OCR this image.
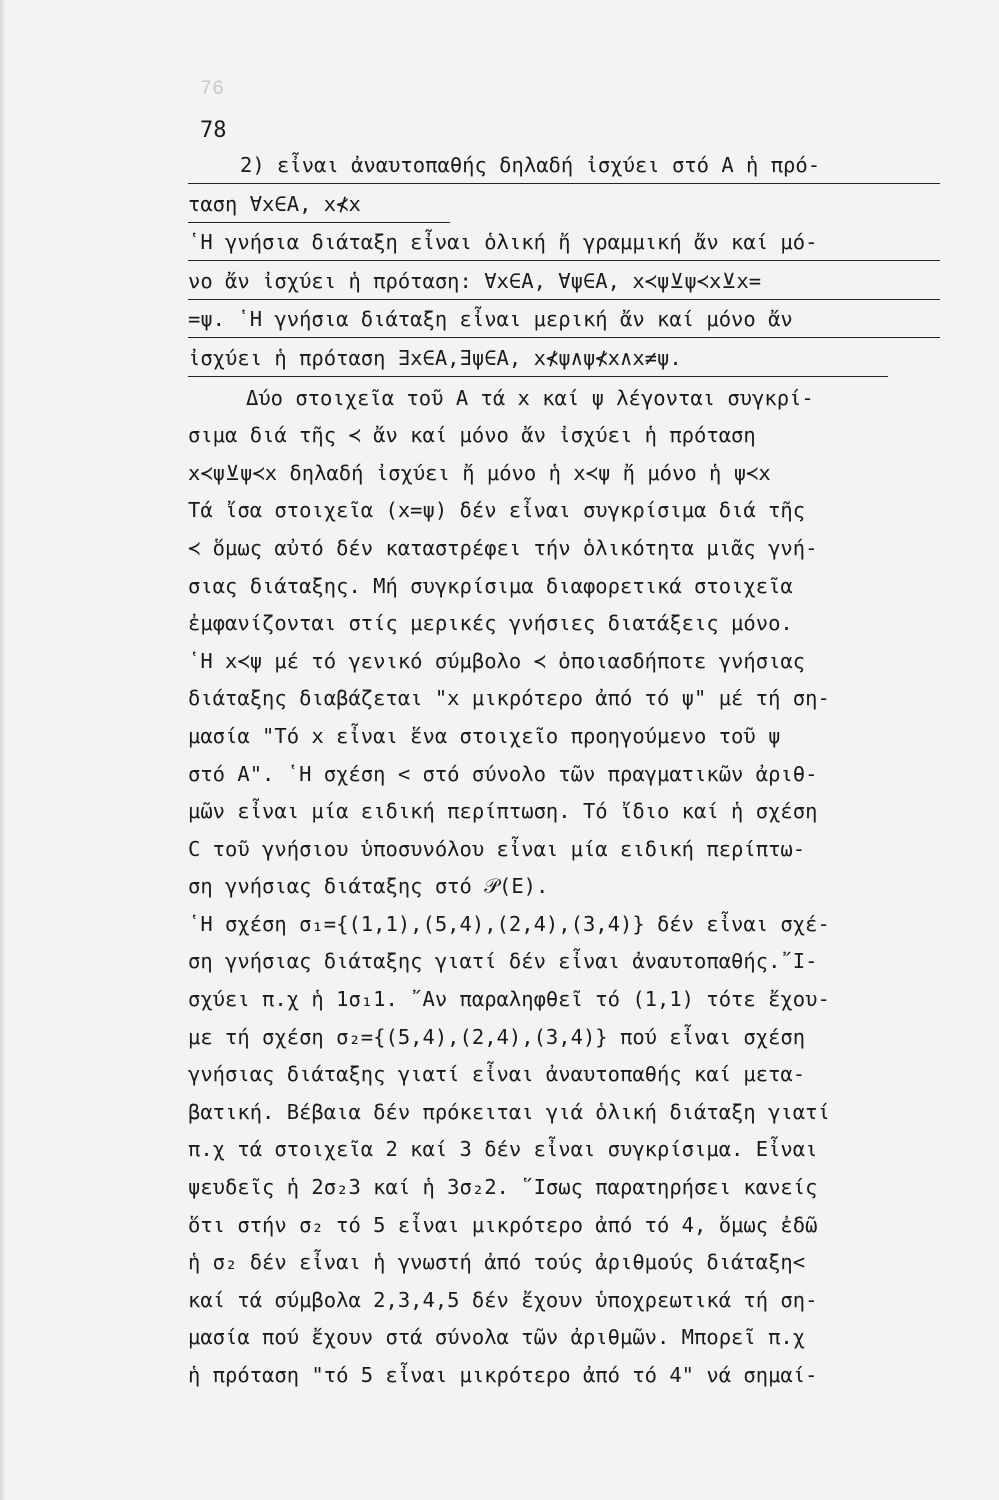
76
78
2) εἶναι ἀναυτοπαθής δηλαδή ἰσχύει στό A ἡ πρό-
ταση ∀x∈A, x⊀x
῾Η γνήσια διάταξη εἶναι ὁλική ἤ γραμμική ἄν καί μό-
νο ἄν ἰσχύει ἡ πρόταση: ∀x∈A, ∀ψ∈A, x≺ψ⊻ψ≺x⊻x=
=ψ. ῾Η γνήσια διάταξη εἶναι μερική ἄν καί μόνο ἄν
ἰσχύει ἡ πρόταση ∃x∈A,∃ψ∈A, x⊀ψ∧ψ⊀x∧x≠ψ.
Δύο στοιχεῖα τοῦ A τά x καί ψ λέγονται συγκρί-
σιμα διά τῆς ≺ ἄν καί μόνο ἄν ἰσχύει ἡ πρόταση
x≺ψ⊻ψ≺x δηλαδή ἰσχύει ἤ μόνο ἡ x≺ψ ἤ μόνο ἡ ψ≺x
Τά ἴσα στοιχεῖα (x=ψ) δέν εἶναι συγκρίσιμα διά τῆς
≺ ὅμως αὐτό δέν καταστρέφει τήν ὁλικότητα μιᾶς γνή-
σιας διάταξης. Μή συγκρίσιμα διαφορετικά στοιχεῖα
ἐμφανίζονται στίς μερικές γνήσιες διατάξεις μόνο.
῾Η x≺ψ μέ τό γενικό σύμβολο ≺ ὁποιασδήποτε γνήσιας
διάταξης διαβάζεται "x μικρότερο ἀπό τό ψ" μέ τή ση-
μασία "Τό x εἶναι ἕνα στοιχεῖο προηγούμενο τοῦ ψ
στό A". ῾Η σχέση < στό σύνολο τῶν πραγματικῶν ἀριθ-
μῶν εἶναι μία ειδική περίπτωση. Τό ἴδιο καί ἡ σχέση
C τοῦ γνήσιου ὑποσυνόλου εἶναι μία ειδική περίπτω-
ση γνήσιας διάταξης στό 𝒫(E).
῾Η σχέση σ₁={(1,1),(5,4),(2,4),(3,4)} δέν εἶναι σχέ-
ση γνήσιας διάταξης γιατί δέν εἶναι ἀναυτοπαθής.῎Ι-
σχύει π.χ ἡ 1σ₁1. ῎Αν παραληφθεῖ τό (1,1) τότε ἔχου-
με τή σχέση σ₂={(5,4),(2,4),(3,4)} πού εἶναι σχέση
γνήσιας διάταξης γιατί εἶναι ἀναυτοπαθής καί μετα-
βατική. Βέβαια δέν πρόκειται γιά ὁλική διάταξη γιατί
π.χ τά στοιχεῖα 2 καί 3 δέν εἶναι συγκρίσιμα. Εἶναι
ψευδεῖς ἡ 2σ₂3 καί ἡ 3σ₂2. ῞Ισως παρατηρήσει κανείς
ὅτι στήν σ₂ τό 5 εἶναι μικρότερο ἀπό τό 4, ὅμως ἐδῶ
ἡ σ₂ δέν εἶναι ἡ γνωστή ἀπό τούς ἀριθμούς διάταξη<
καί τά σύμβολα 2,3,4,5 δέν ἔχουν ὑποχρεωτικά τή ση-
μασία πού ἔχουν στά σύνολα τῶν ἀριθμῶν. Μπορεῖ π.χ
ἡ πρόταση "τό 5 εἶναι μικρότερο ἀπό τό 4" νά σημαί-
